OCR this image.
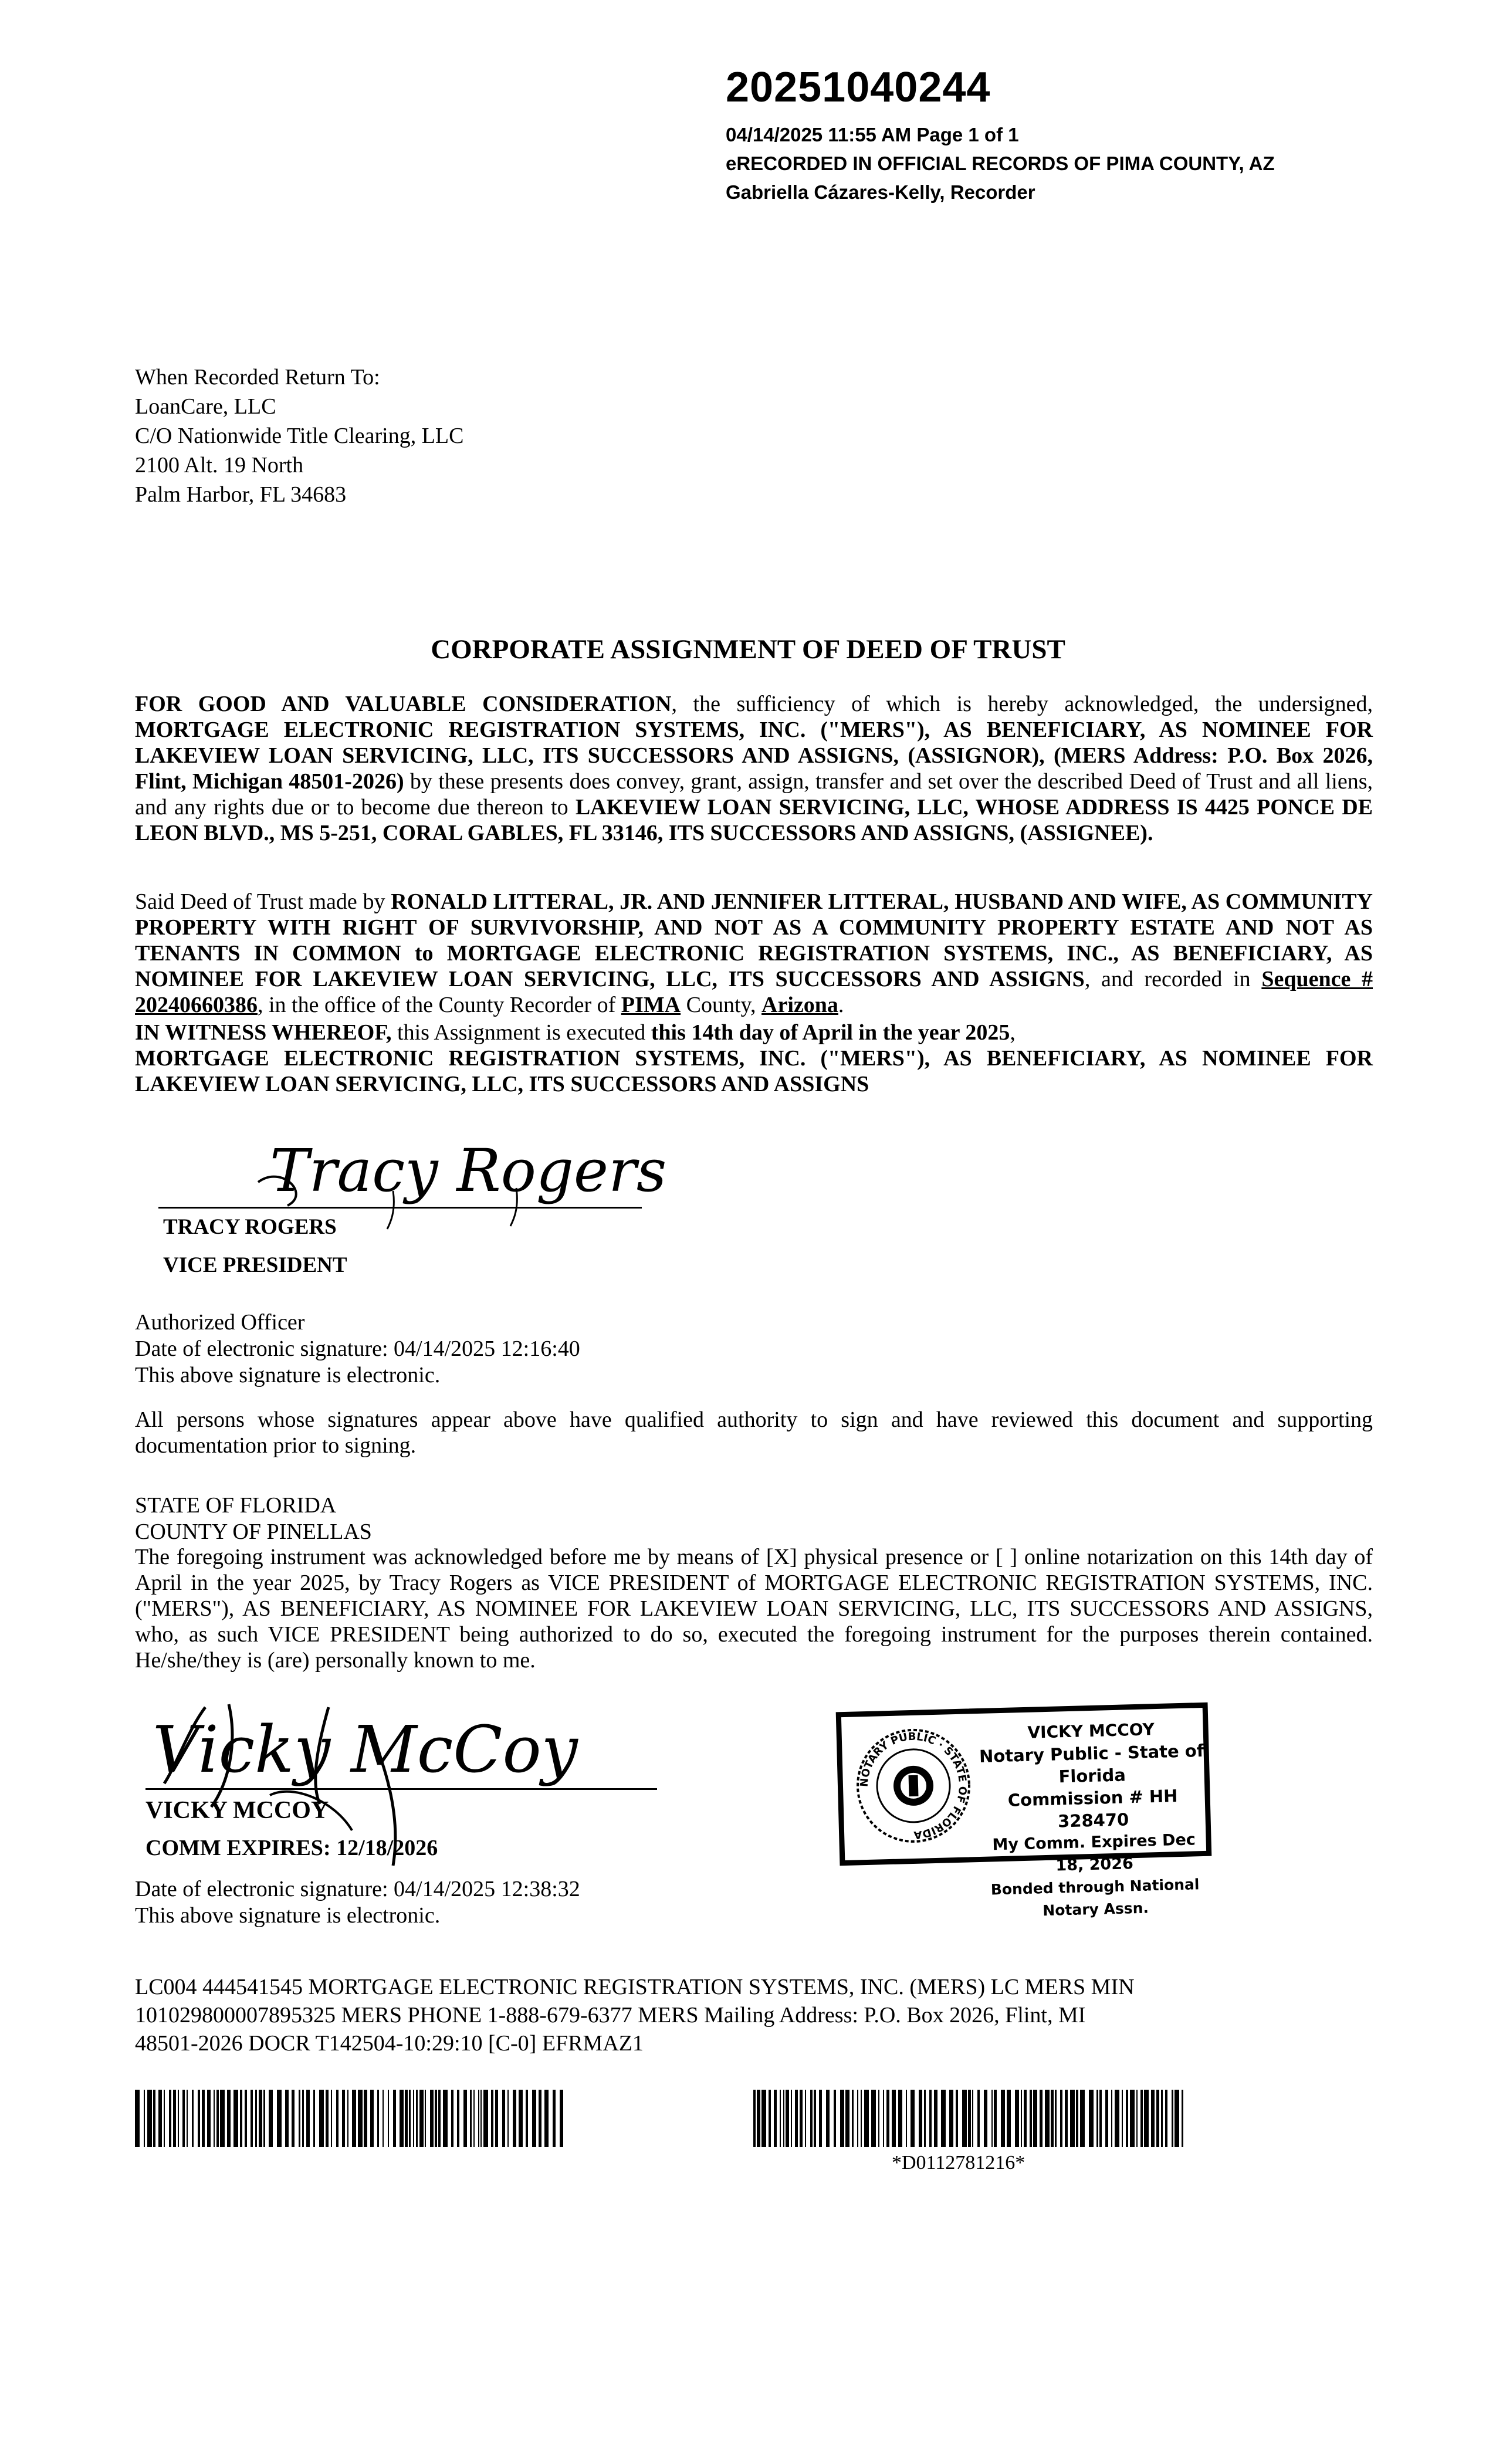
20251040244
04/14/2025 11:55 AM Page 1 of 1
eRECORDED IN OFFICIAL RECORDS OF PIMA COUNTY, AZ
Gabriella Cázares-Kelly, Recorder
When Recorded Return To:
LoanCare, LLC
C/O Nationwide Title Clearing, LLC
2100 Alt. 19 North
Palm Harbor, FL 34683
CORPORATE ASSIGNMENT OF DEED OF TRUST
FOR GOOD AND VALUABLE CONSIDERATION, the sufficiency of which is hereby acknowledged, the undersigned, MORTGAGE ELECTRONIC REGISTRATION SYSTEMS, INC. ("MERS"), AS BENEFICIARY, AS NOMINEE FOR LAKEVIEW LOAN SERVICING, LLC, ITS SUCCESSORS AND ASSIGNS, (ASSIGNOR), (MERS Address: P.O. Box 2026, Flint, Michigan 48501-2026) by these presents does convey, grant, assign, transfer and set over the described Deed of Trust and all liens, and any rights due or to become due thereon to LAKEVIEW LOAN SERVICING, LLC, WHOSE ADDRESS IS 4425 PONCE DE LEON BLVD., MS 5-251, CORAL GABLES, FL 33146, ITS SUCCESSORS AND ASSIGNS, (ASSIGNEE).
Said Deed of Trust made by RONALD LITTERAL, JR. AND JENNIFER LITTERAL, HUSBAND AND WIFE, AS COMMUNITY PROPERTY WITH RIGHT OF SURVIVORSHIP, AND NOT AS A COMMUNITY PROPERTY ESTATE AND NOT AS TENANTS IN COMMON to MORTGAGE ELECTRONIC REGISTRATION SYSTEMS, INC., AS BENEFICIARY, AS NOMINEE FOR LAKEVIEW LOAN SERVICING, LLC, ITS SUCCESSORS AND ASSIGNS, and recorded in Sequence # 20240660386, in the office of the County Recorder of PIMA County, Arizona.
IN WITNESS WHEREOF, this Assignment is executed this 14th day of April in the year 2025,
MORTGAGE ELECTRONIC REGISTRATION SYSTEMS, INC. ("MERS"), AS BENEFICIARY, AS NOMINEE FOR LAKEVIEW LOAN SERVICING, LLC, ITS SUCCESSORS AND ASSIGNS
Tracy Rogers
TRACY ROGERS
VICE PRESIDENT
Authorized Officer
Date of electronic signature: 04/14/2025 12:16:40
This above signature is electronic.
All persons whose signatures appear above have qualified authority to sign and have reviewed this document and supporting documentation prior to signing.
STATE OF FLORIDA
COUNTY OF PINELLAS
The foregoing instrument was acknowledged before me by means of [X] physical presence or [ ] online notarization on this 14th day of April in the year 2025, by Tracy Rogers as VICE PRESIDENT of MORTGAGE ELECTRONIC REGISTRATION SYSTEMS, INC. ("MERS"), AS BENEFICIARY, AS NOMINEE FOR LAKEVIEW LOAN SERVICING, LLC, ITS SUCCESSORS AND ASSIGNS, who, as such VICE PRESIDENT being authorized to do so, executed the foregoing instrument for the purposes therein contained. He/she/they is (are) personally known to me.
Vicky McCoy
VICKY MCCOY
COMM EXPIRES: 12/18/2026
Date of electronic signature: 04/14/2025 12:38:32
This above signature is electronic.
NOTARY PUBLIC · STATE OF FLORIDA
VICKY MCCOY
Notary Public - State of Florida
Commission # HH 328470
My Comm. Expires Dec 18, 2026
Bonded through National Notary Assn.
LC004 444541545 MORTGAGE ELECTRONIC REGISTRATION SYSTEMS, INC. (MERS) LC MERS MIN
101029800007895325 MERS PHONE 1-888-679-6377 MERS Mailing Address: P.O. Box 2026, Flint, MI
48501-2026 DOCR T142504-10:29:10 [C-0] EFRMAZ1
*D0112781216*
